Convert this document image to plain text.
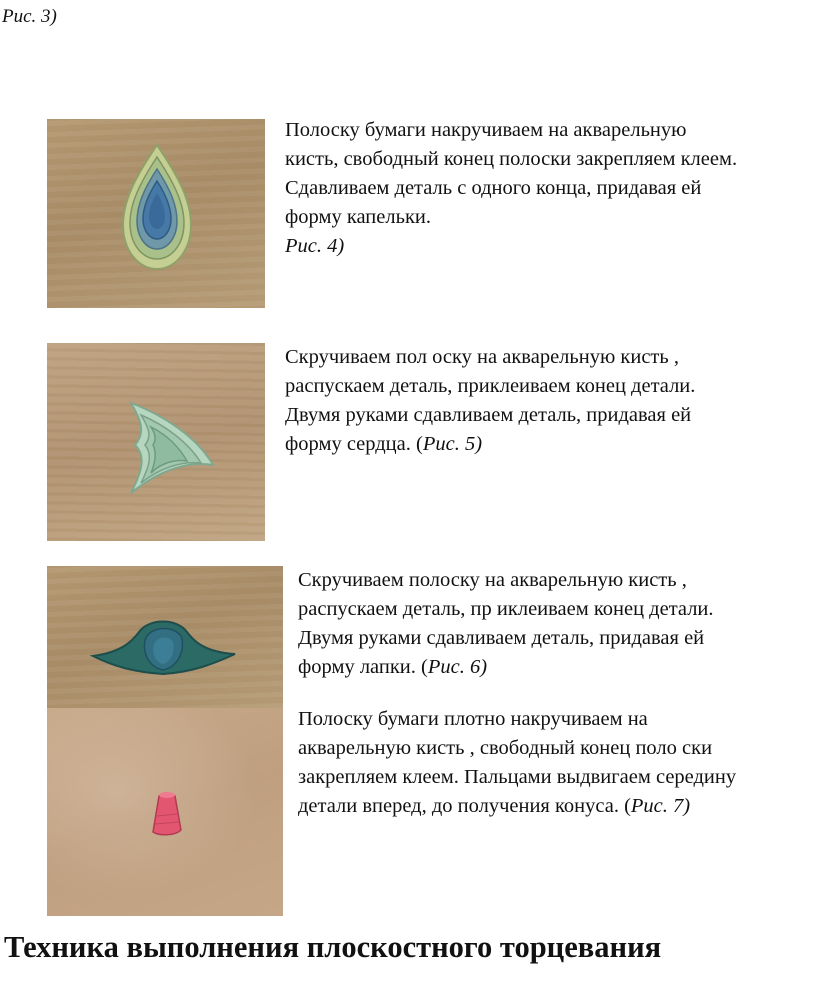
Рис. 3)
Полоску бумаги накручиваем на акварельную
кисть, свободный конец полоски закрепляем клеем.
Сдавливаем деталь с одного конца, придавая ей
форму капельки.
Рис. 4)
Скручиваем пол оску на акварельную кисть ,
распускаем деталь, приклеиваем конец детали.
Двумя руками сдавливаем деталь, придавая ей
форму сердца. (Рис. 5)
Скручиваем полоску на акварельную кисть ,
распускаем деталь, пр иклеиваем конец детали.
Двумя руками сдавливаем деталь, придавая ей
форму лапки. (Рис. 6)
Полоску бумаги плотно накручиваем на
акварельную кисть , свободный конец поло ски
закрепляем клеем. Пальцами выдвигаем середину
детали вперед, до получения конуса. (Рис. 7)
Техника выполнения плоскостного торцевания
